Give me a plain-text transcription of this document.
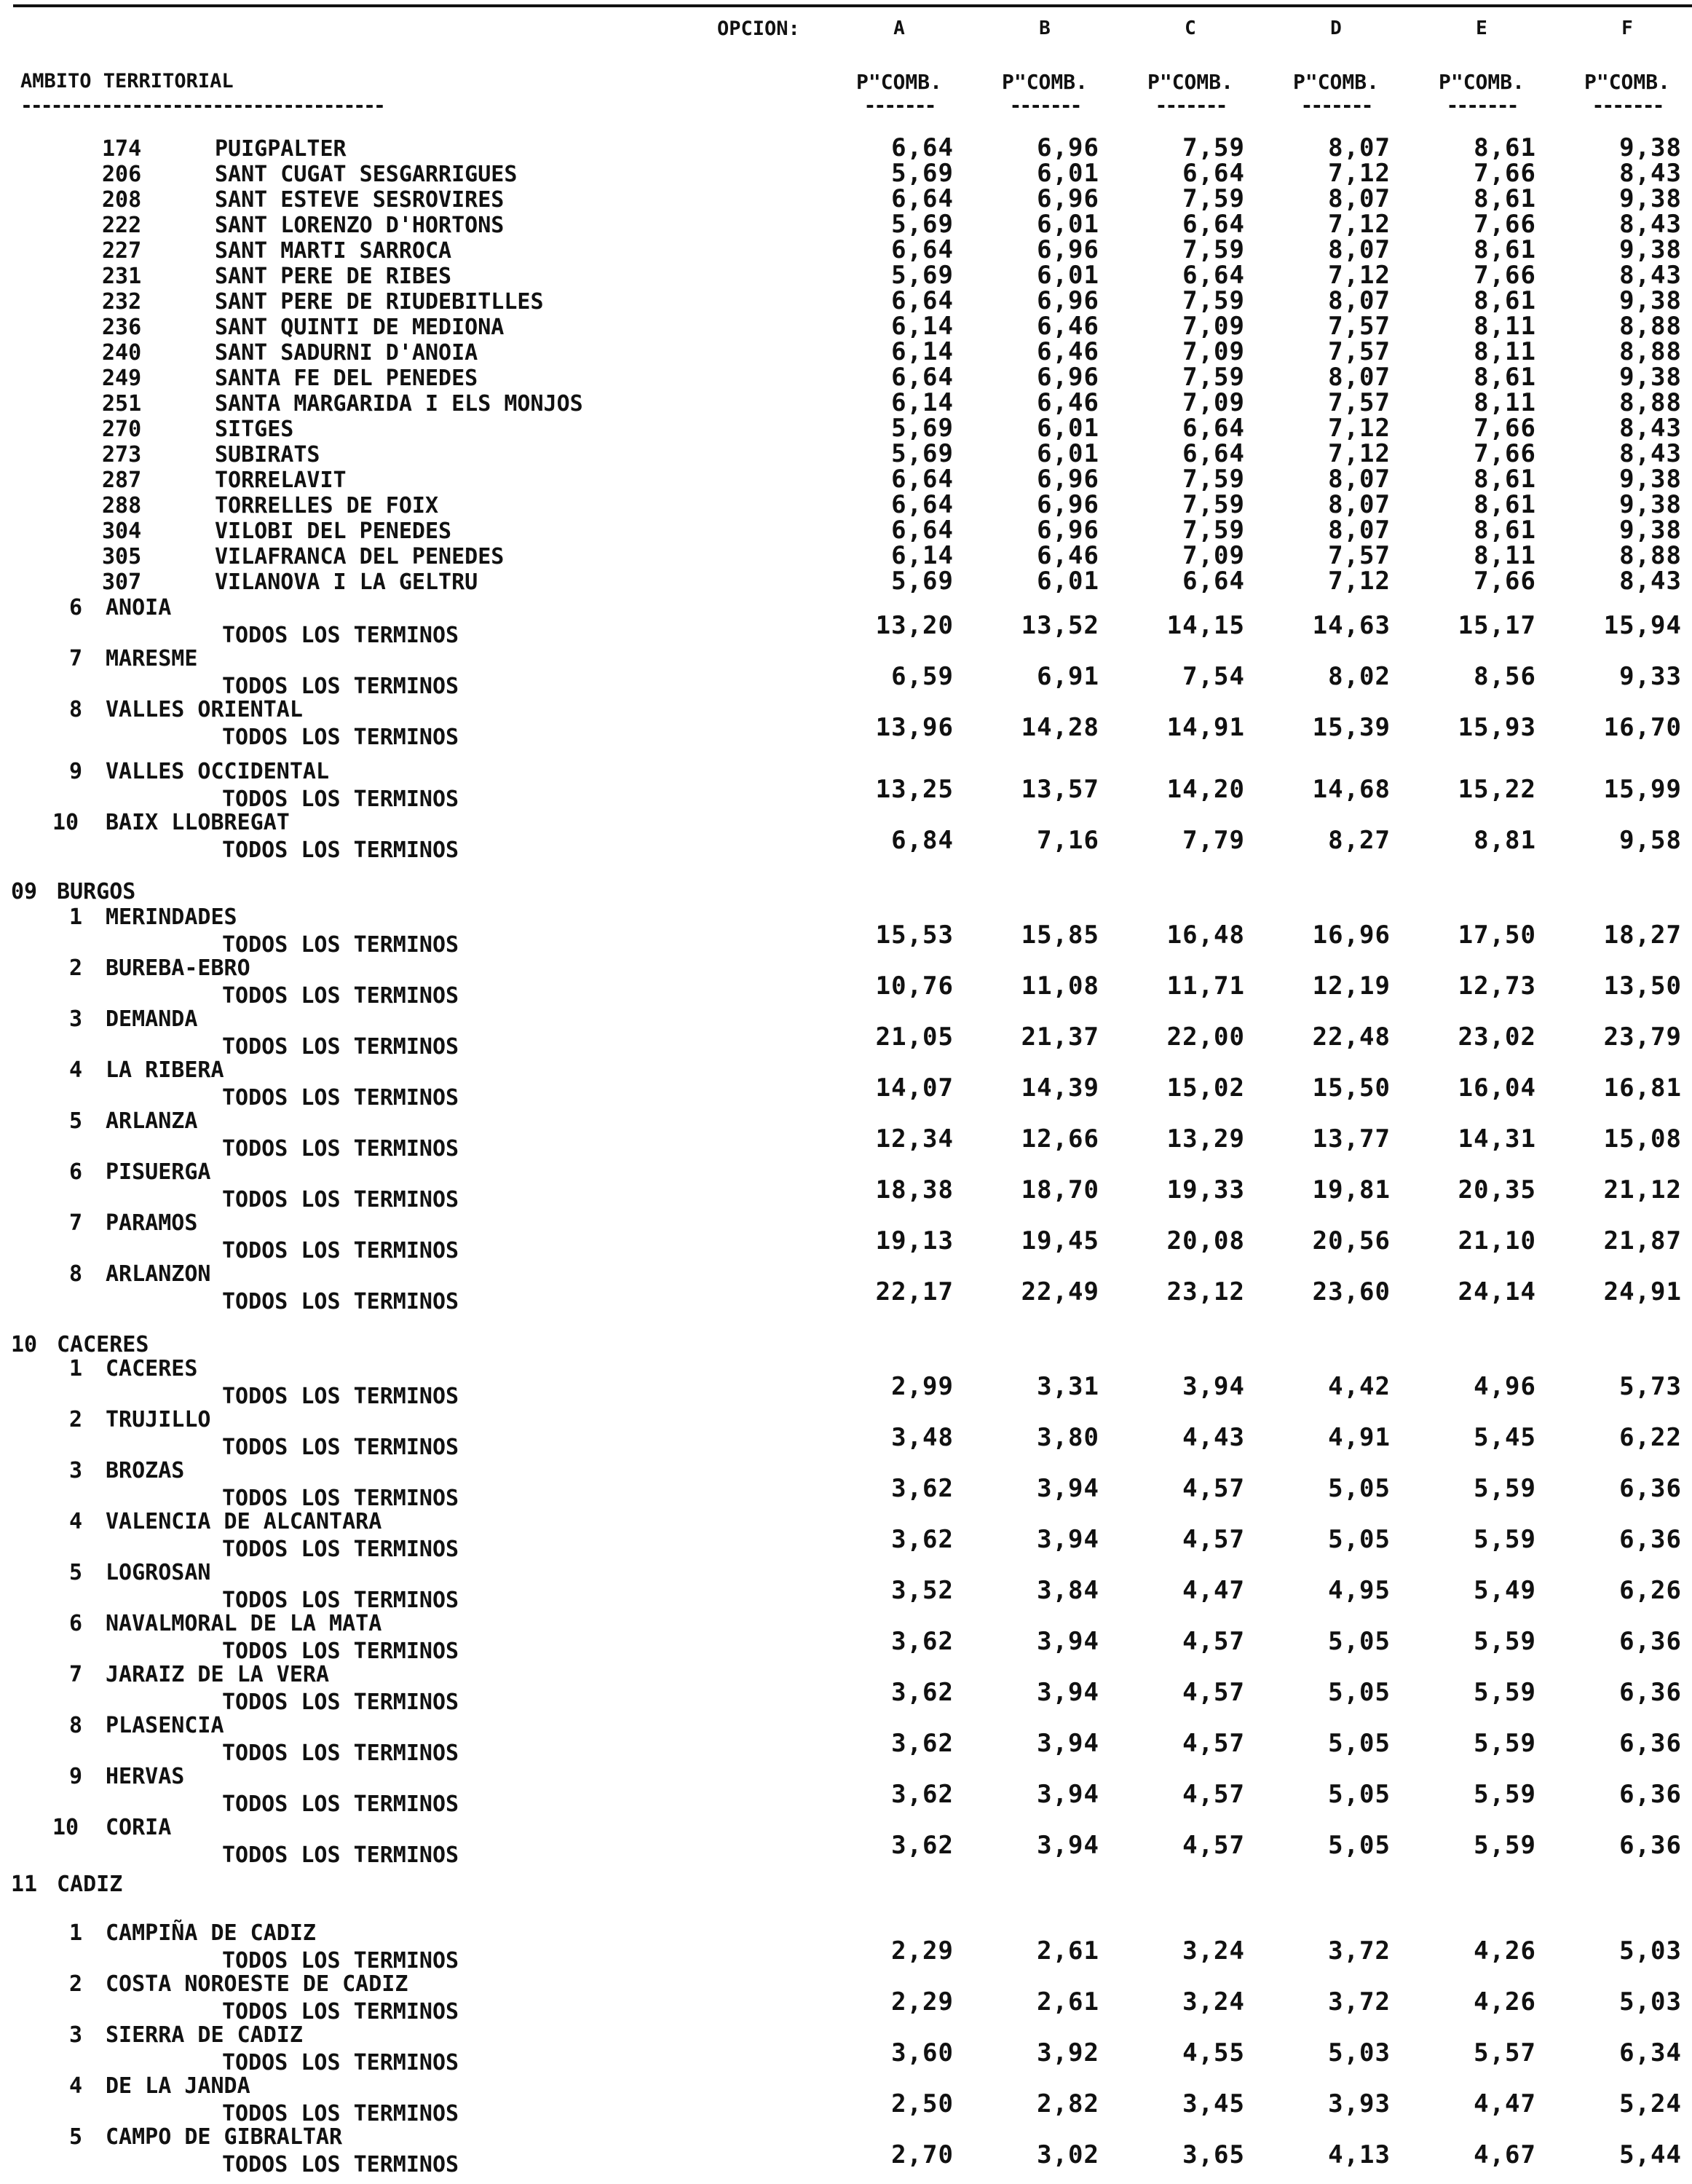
OPCION:	A	B	C	D	E	F
AMBITO TERRITORIAL
------------------------------------
P"COMB.	P"COMB.	P"COMB.	P"COMB.	P"COMB.	P"COMB.
-------	-------	-------	-------	-------	-------
174	PUIGPALTER	6,64	6,96	7,59	8,07	8,61	9,38
206	SANT CUGAT SESGARRIGUES	5,69	6,01	6,64	7,12	7,66	8,43
208	SANT ESTEVE SESROVIRES	6,64	6,96	7,59	8,07	8,61	9,38
222	SANT LORENZO D'HORTONS	5,69	6,01	6,64	7,12	7,66	8,43
227	SANT MARTI SARROCA	6,64	6,96	7,59	8,07	8,61	9,38
231	SANT PERE DE RIBES	5,69	6,01	6,64	7,12	7,66	8,43
232	SANT PERE DE RIUDEBITLLES	6,64	6,96	7,59	8,07	8,61	9,38
236	SANT QUINTI DE MEDIONA	6,14	6,46	7,09	7,57	8,11	8,88
240	SANT SADURNI D'ANOIA	6,14	6,46	7,09	7,57	8,11	8,88
249	SANTA FE DEL PENEDES	6,64	6,96	7,59	8,07	8,61	9,38
251	SANTA MARGARIDA I ELS MONJOS	6,14	6,46	7,09	7,57	8,11	8,88
270	SITGES	5,69	6,01	6,64	7,12	7,66	8,43
273	SUBIRATS	5,69	6,01	6,64	7,12	7,66	8,43
287	TORRELAVIT	6,64	6,96	7,59	8,07	8,61	9,38
288	TORRELLES DE FOIX	6,64	6,96	7,59	8,07	8,61	9,38
304	VILOBI DEL PENEDES	6,64	6,96	7,59	8,07	8,61	9,38
305	VILAFRANCA DEL PENEDES	6,14	6,46	7,09	7,57	8,11	8,88
307	VILANOVA I LA GELTRU	5,69	6,01	6,64	7,12	7,66	8,43
6 ANOIA
TODOS LOS TERMINOS	13,20	13,52	14,15	14,63	15,17	15,94
7 MARESME
TODOS LOS TERMINOS	6,59	6,91	7,54	8,02	8,56	9,33
8 VALLES ORIENTAL
TODOS LOS TERMINOS	13,96	14,28	14,91	15,39	15,93	16,70
9 VALLES OCCIDENTAL
TODOS LOS TERMINOS	13,25	13,57	14,20	14,68	15,22	15,99
10 BAIX LLOBREGAT
TODOS LOS TERMINOS	6,84	7,16	7,79	8,27	8,81	9,58
09 BURGOS
1 MERINDADES
TODOS LOS TERMINOS	15,53	15,85	16,48	16,96	17,50	18,27
2 BUREBA-EBRO
TODOS LOS TERMINOS	10,76	11,08	11,71	12,19	12,73	13,50
3 DEMANDA
TODOS LOS TERMINOS	21,05	21,37	22,00	22,48	23,02	23,79
4 LA RIBERA
TODOS LOS TERMINOS	14,07	14,39	15,02	15,50	16,04	16,81
5 ARLANZA
TODOS LOS TERMINOS	12,34	12,66	13,29	13,77	14,31	15,08
6 PISUERGA
TODOS LOS TERMINOS	18,38	18,70	19,33	19,81	20,35	21,12
7 PARAMOS
TODOS LOS TERMINOS	19,13	19,45	20,08	20,56	21,10	21,87
8 ARLANZON
TODOS LOS TERMINOS	22,17	22,49	23,12	23,60	24,14	24,91
10 CACERES
1 CACERES
TODOS LOS TERMINOS	2,99	3,31	3,94	4,42	4,96	5,73
2 TRUJILLO
TODOS LOS TERMINOS	3,48	3,80	4,43	4,91	5,45	6,22
3 BROZAS
TODOS LOS TERMINOS	3,62	3,94	4,57	5,05	5,59	6,36
4 VALENCIA DE ALCANTARA
TODOS LOS TERMINOS	3,62	3,94	4,57	5,05	5,59	6,36
5 LOGROSAN
TODOS LOS TERMINOS	3,52	3,84	4,47	4,95	5,49	6,26
6 NAVALMORAL DE LA MATA
TODOS LOS TERMINOS	3,62	3,94	4,57	5,05	5,59	6,36
7 JARAIZ DE LA VERA
TODOS LOS TERMINOS	3,62	3,94	4,57	5,05	5,59	6,36
8 PLASENCIA
TODOS LOS TERMINOS	3,62	3,94	4,57	5,05	5,59	6,36
9 HERVAS
TODOS LOS TERMINOS	3,62	3,94	4,57	5,05	5,59	6,36
10 CORIA
TODOS LOS TERMINOS	3,62	3,94	4,57	5,05	5,59	6,36
11 CADIZ
1 CAMPIÑA DE CADIZ
TODOS LOS TERMINOS	2,29	2,61	3,24	3,72	4,26	5,03
2 COSTA NOROESTE DE CADIZ
TODOS LOS TERMINOS	2,29	2,61	3,24	3,72	4,26	5,03
3 SIERRA DE CADIZ
TODOS LOS TERMINOS	3,60	3,92	4,55	5,03	5,57	6,34
4 DE LA JANDA
TODOS LOS TERMINOS	2,50	2,82	3,45	3,93	4,47	5,24
5 CAMPO DE GIBRALTAR
TODOS LOS TERMINOS	2,70	3,02	3,65	4,13	4,67	5,44
